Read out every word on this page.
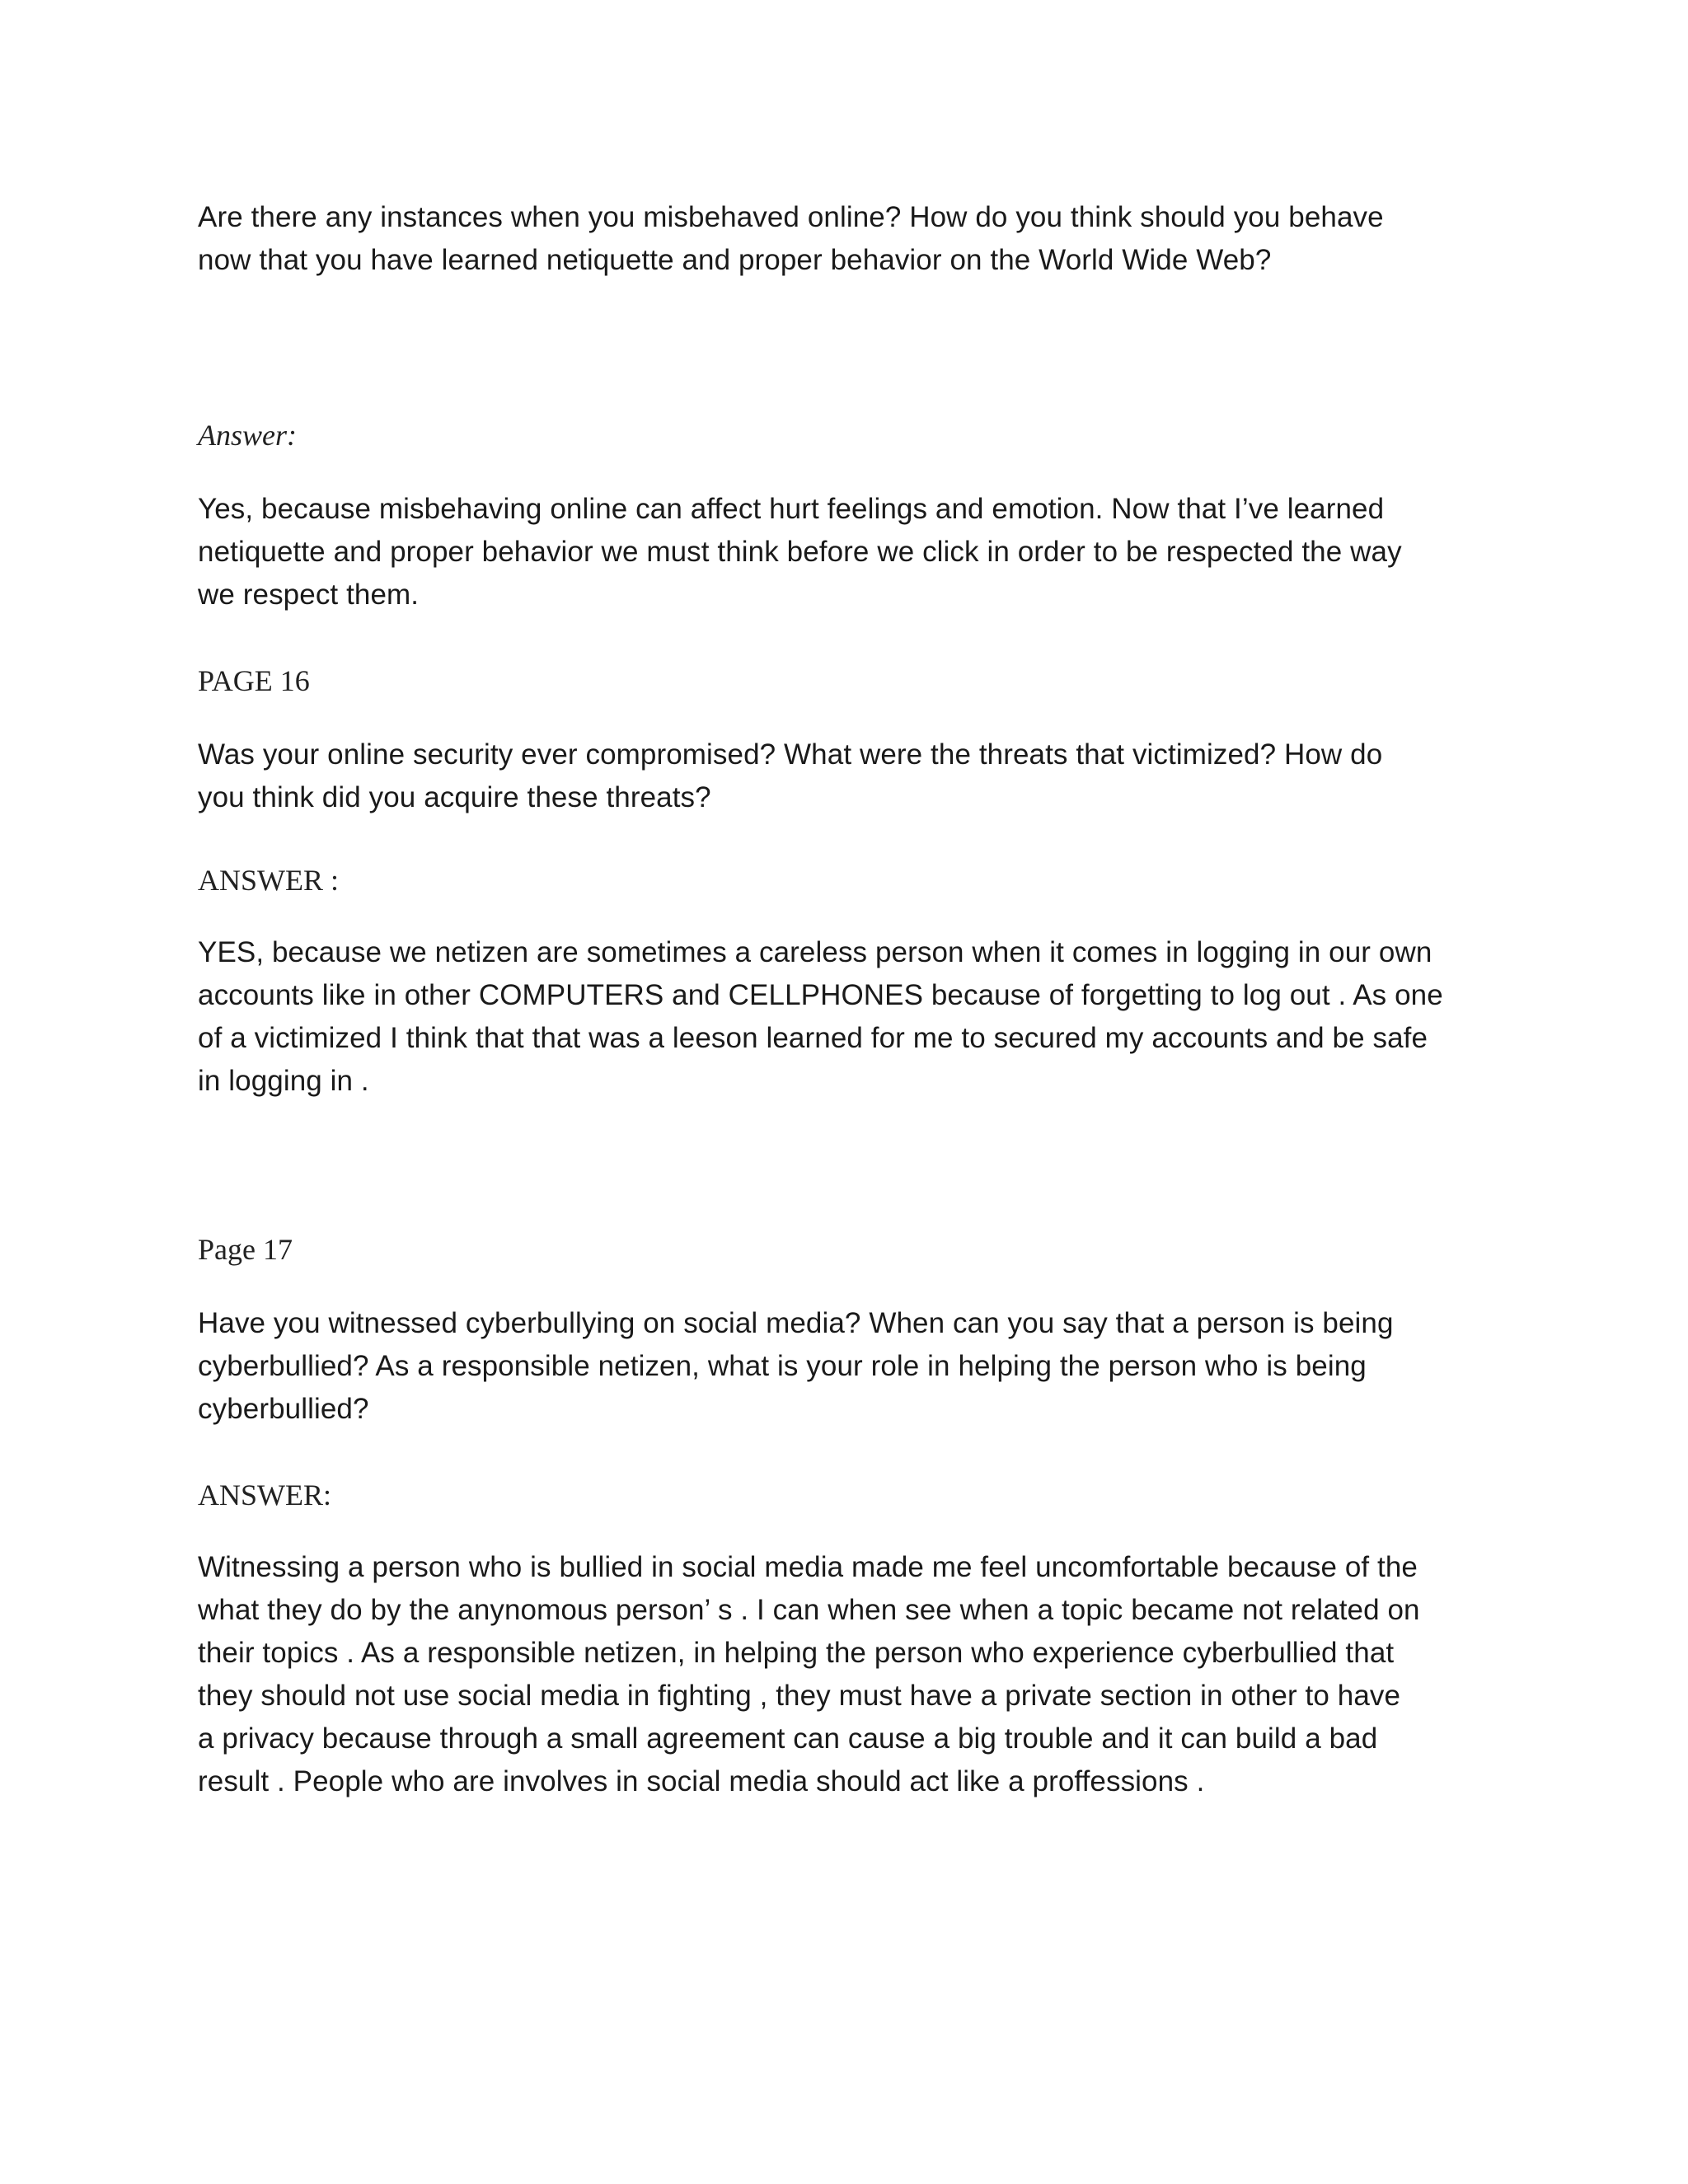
Are there any instances when you misbehaved online? How do you think should you behave
now that you have learned netiquette and proper behavior on the World Wide Web?
Answer:
Yes, because misbehaving online can affect hurt feelings and emotion. Now that I’ve learned
netiquette and proper behavior we must think before we click in order to be respected the way
we respect them.
PAGE 16
Was your online security ever compromised? What were the threats that victimized? How do
you think did you acquire these threats?
ANSWER :
YES, because we netizen are sometimes a careless person when it comes in logging in our own
accounts like in other COMPUTERS and CELLPHONES because of forgetting to log out . As one
of a victimized I think that that was a leeson learned for me to secured my accounts and be safe
in logging in .
Page 17
Have you witnessed cyberbullying on social media? When can you say that a person is being
cyberbullied? As a responsible netizen, what is your role in helping the person who is being
cyberbullied?
ANSWER:
Witnessing a person who is bullied in social media made me feel uncomfortable because of the
what they do by the anynomous person’ s . I can when see when a topic became not related on
their topics . As a responsible netizen, in helping the person who experience cyberbullied that
they should not use social media in fighting , they must have a private section in other to have
a privacy because through a small agreement can cause a big trouble and it can build a bad
result . People who are involves in social media should act like a proffessions .
